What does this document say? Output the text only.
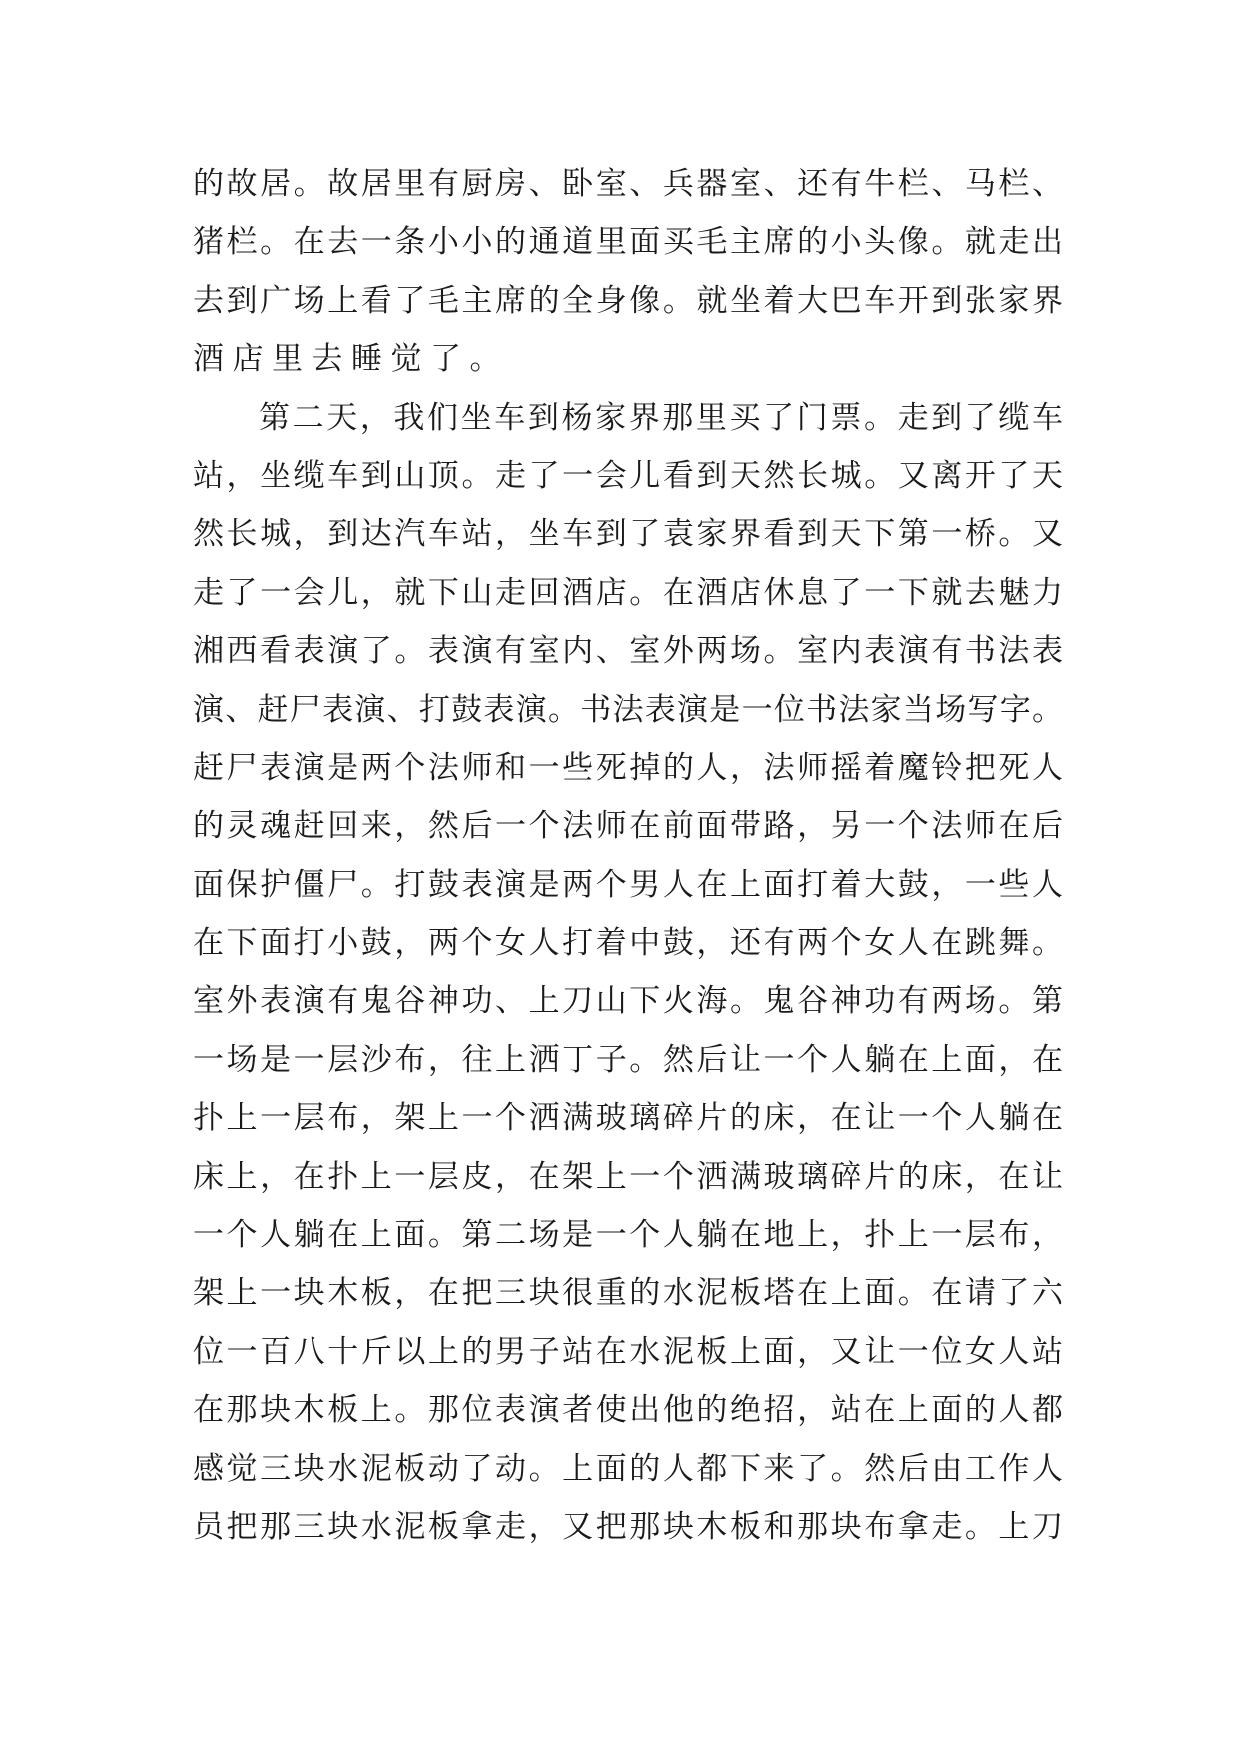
的故居。故居里有厨房、卧室、兵器室、还有牛栏、马栏、
猪栏。在去一条小小的通道里面买毛主席的小头像。就走出
去到广场上看了毛主席的全身像。就坐着大巴车开到张家界
酒店里去睡觉了。
第二天，我们坐车到杨家界那里买了门票。走到了缆车
站，坐缆车到山顶。走了一会儿看到天然长城。又离开了天
然长城，到达汽车站，坐车到了袁家界看到天下第一桥。又
走了一会儿，就下山走回酒店。在酒店休息了一下就去魅力
湘西看表演了。表演有室内、室外两场。室内表演有书法表
演、赶尸表演、打鼓表演。书法表演是一位书法家当场写字。
赶尸表演是两个法师和一些死掉的人，法师摇着魔铃把死人
的灵魂赶回来，然后一个法师在前面带路，另一个法师在后
面保护僵尸。打鼓表演是两个男人在上面打着大鼓，一些人
在下面打小鼓，两个女人打着中鼓，还有两个女人在跳舞。
室外表演有鬼谷神功、上刀山下火海。鬼谷神功有两场。第
一场是一层沙布，往上洒丁子。然后让一个人躺在上面，在
扑上一层布，架上一个洒满玻璃碎片的床，在让一个人躺在
床上，在扑上一层皮，在架上一个洒满玻璃碎片的床，在让
一个人躺在上面。第二场是一个人躺在地上，扑上一层布，
架上一块木板，在把三块很重的水泥板塔在上面。在请了六
位一百八十斤以上的男子站在水泥板上面，又让一位女人站
在那块木板上。那位表演者使出他的绝招，站在上面的人都
感觉三块水泥板动了动。上面的人都下来了。然后由工作人
员把那三块水泥板拿走，又把那块木板和那块布拿走。上刀
